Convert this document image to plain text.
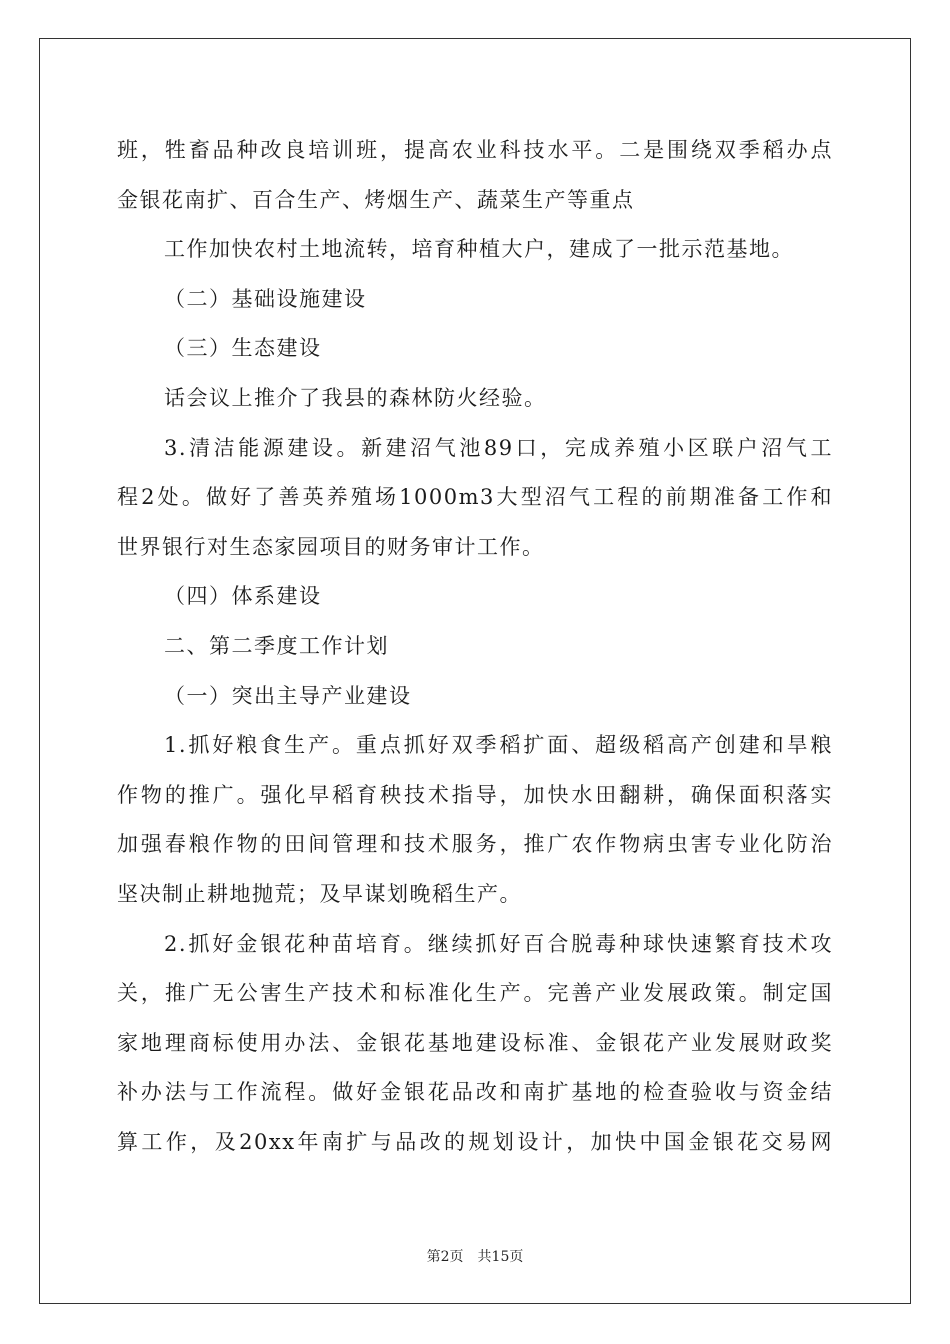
班，牲畜品种改良培训班，提高农业科技水平。二是围绕双季稻办点
金银花南扩、百合生产、烤烟生产、蔬菜生产等重点
工作加快农村土地流转，培育种植大户，建成了一批示范基地。
（二）基础设施建设
（三）生态建设
话会议上推介了我县的森林防火经验。
3.清洁能源建设。新建沼气池89口，完成养殖小区联户沼气工
程2处。做好了善英养殖场1000m3大型沼气工程的前期准备工作和
世界银行对生态家园项目的财务审计工作。
（四）体系建设
二、第二季度工作计划
（一）突出主导产业建设
1.抓好粮食生产。重点抓好双季稻扩面、超级稻高产创建和旱粮
作物的推广。强化早稻育秧技术指导，加快水田翻耕，确保面积落实
加强春粮作物的田间管理和技术服务，推广农作物病虫害专业化防治
坚决制止耕地抛荒；及早谋划晚稻生产。
2.抓好金银花种苗培育。继续抓好百合脱毒种球快速繁育技术攻
关，推广无公害生产技术和标准化生产。完善产业发展政策。制定国
家地理商标使用办法、金银花基地建设标准、金银花产业发展财政奖
补办法与工作流程。做好金银花品改和南扩基地的检查验收与资金结
算工作，及20xx年南扩与品改的规划设计，加快中国金银花交易网
第2页　共15页
